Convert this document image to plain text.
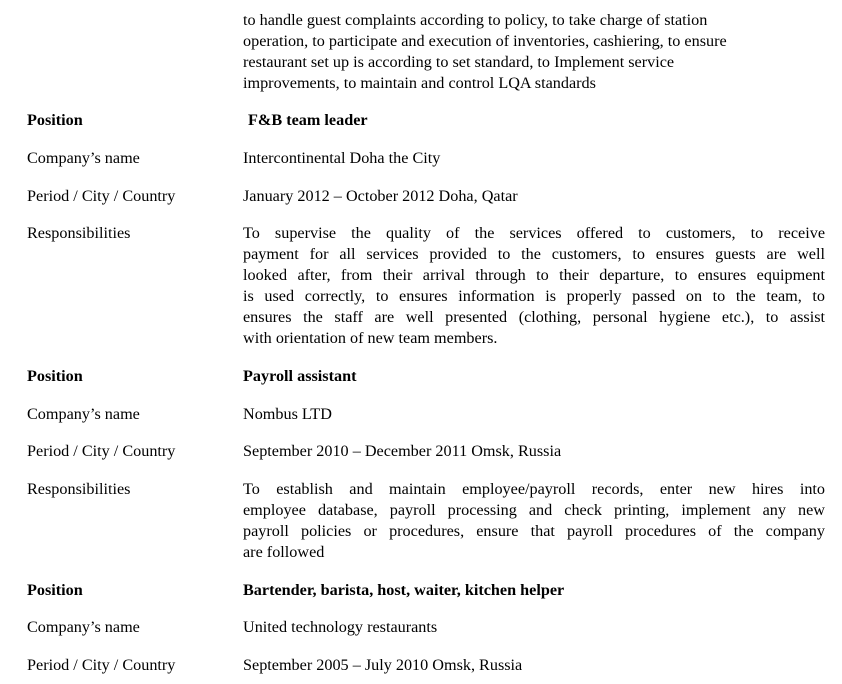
to handle guest complaints according to policy, to take charge of station
operation, to participate and execution of inventories, cashiering, to ensure
restaurant set up is according to set standard, to Implement service
improvements, to maintain and control LQA standards
Position	F&B team leader
Company’s name	Intercontinental Doha the City
Period / City / Country	January 2012 – October 2012 Doha, Qatar
Responsibilities	To supervise the quality of the services offered to customers, to receive
payment for all services provided to the customers, to ensures guests are well
looked after, from their arrival through to their departure, to ensures equipment
is used correctly, to ensures information is properly passed on to the team, to
ensures the staff are well presented (clothing, personal hygiene etc.), to assist
with orientation of new team members.
Position	Payroll assistant
Company’s name	Nombus LTD
Period / City / Country	September 2010 – December 2011 Omsk, Russia
Responsibilities	To establish and maintain employee/payroll records, enter new hires into
employee database, payroll processing and check printing, implement any new
payroll policies or procedures, ensure that payroll procedures of the company
are followed
Position	Bartender, barista, host, waiter, kitchen helper
Company’s name	United technology restaurants
Period / City / Country	September 2005 – July 2010 Omsk, Russia
